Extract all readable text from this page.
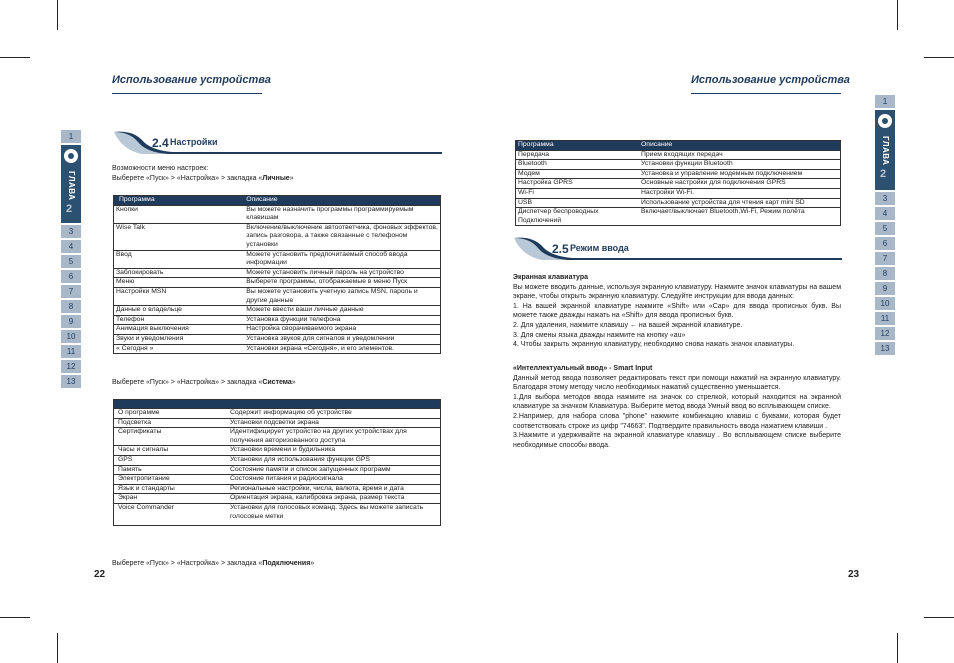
Использование устройства
1
ГЛАВА
2
3
4
5
6
7
8
9
10
11
12
13
2.4 Настройки
Возможности меню настроек:
Выберете «Пуск» > «Настройка» > закладка «Личные»
Программа	Описание
Кнопки	Вы можете назначить программы программируемым клавишам
Wise Talk	Включение/выключение автоответчика, фоновых эффектов, запись разговора, а также связанные с телефоном установки
Ввод	Можете установить предпочитаемый способ ввода информации
Заблокировать	Можете установить личный пароль на устройство
Меню	Выберете программы, отображаемые в меню Пуск
Настройки MSN	Вы можете установить учетную запись MSN, пароль и другие данные
Данные о владельце	Можете ввести ваши личные данные
Телефон	Установка функции телефона
Анимация выключения	Настройка сворачиваемого экрана
Звуки и уведомления	Установка звуков для сигналов и уведомлении
« Сегодня »	Установки экрана «Сегодня», и его элементов.
Выберете «Пуск» > «Настройка» > закладка «Система»

О программе	Содержит информацию об устройстве
Подсветка	Установки подсветки экрана
Сертификаты	Идентифицирует устройство на других устройствах для получения авторизованного доступа
Часы и сигналы	Установки времени и будильника
GPS	Установки для использования функции GPS
Память	Состояние памяти и список запущенных программ
Электропитание	Состояние питания и радиосигнала
Язык и стандарты	Региональные настройки, числа, валюта, время и дата
Экран	Ориентация экрана, калибровка экрана, размер текста
Voice Commander	Установки для голосовых команд. Здесь вы можете записать голосовые метки
Выберете «Пуск» > «Настройка» > закладка «Подключения»
22
Использование устройства
Программа	Описание
Передача	Прием входящих передач
Bluetooth	Установки функции Bluetooth
Модем	Установка и управление модемным подключением
Настройка GPRS	Основные настройки для подключения GPRS
Wi-Fi	Настройки Wi-Fi.
USB	Использование устройства для чтения карт mini SD
Диспетчер беспроводных Подключений	Включает/выключает Bluetooth,Wi-Fi, Режим полёта
2.5 Режим ввода
Экранная клавиатура
Вы можете вводить данные, используя экранную клавиатуру. Нажмите значок клавиатуры на вашем экране, чтобы открыть экранную клавиатуру. Следуйте инструкции для ввода данных:
1. На вашей экранной клавиатуре нажмите «Shift» или «Cap» для ввода прописных букв. Вы можете также дважды нажать на «Shift» для ввода прописных букв.
2. Для удаления, нажмите клавишу ← на вашей экранной клавиатуре.
3. Для смены языка дважды нажмите на кнопку «au»
4. Чтобы закрыть экранную клавиатуру, необходимо снова нажать значок клавиатуры.
«Интеллектуальный ввод» - Smart Input
Данный метод ввода позволяет редактировать текст при помощи нажатий на экранную клавиатуру. Благодаря этому методу число необходимых нажатий существенно уменьшается.
1.Для выбора методов ввода нажмите на значок со стрелкой, который находится на экранной клавиатуре за значком Клавиатура. Выберите метод ввода Умный ввод во всплывающем списке.
2.Например, для набора слова "phone" нажмите комбинацию клавиш с буквами, которая будет соответствовать строке из цифр "74663". Подтвердите правильность ввода нажатием клавиши .
3.Нажмите и удерживайте на экранной клавиатуре клавишу . Во всплывающем списке выберите необходимые способы ввода.
1
ГЛАВА
2
3
4
5
6
7
8
9
10
11
12
13
23
